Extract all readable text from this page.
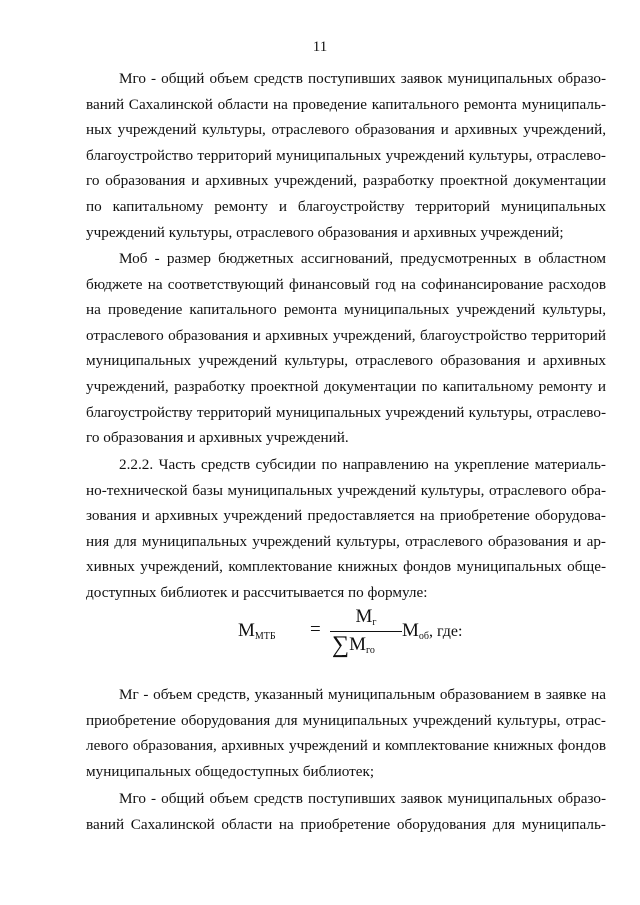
11

Мго - общий объем средств поступивших заявок муниципальных образо-
ваний Сахалинской области на проведение капитального ремонта муниципаль-
ных учреждений культуры, отраслевого образования и архивных учреждений,
благоустройство территорий муниципальных учреждений культуры, отраслево-
го образования и архивных учреждений, разработку проектной документации
по капитальному ремонту и благоустройству территорий муниципальных
учреждений культуры, отраслевого образования и архивных учреждений;

Моб - размер бюджетных ассигнований, предусмотренных в областном
бюджете на соответствующий финансовый год на софинансирование расходов
на проведение капитального ремонта муниципальных учреждений культуры,
отраслевого образования и архивных учреждений, благоустройство территорий
муниципальных учреждений культуры, отраслевого образования и архивных
учреждений, разработку проектной документации по капитальному ремонту и
благоустройству территорий муниципальных учреждений культуры, отраслево-
го образования и архивных учреждений.

2.2.2. Часть средств субсидии по направлению на укрепление материаль-
но-технической базы муниципальных учреждений культуры, отраслевого обра-
зования и архивных учреждений предоставляется на приобретение оборудова-
ния для муниципальных учреждений культуры, отраслевого образования и ар-
хивных учреждений, комплектование книжных фондов муниципальных обще-
доступных библиотек и рассчитывается по формуле:

$М_{МТБ}$ =
$М_г$
$\sum М_{го}$
$М_{об}$, где:

Мг - объем средств, указанный муниципальным образованием в заявке на
приобретение оборудования для муниципальных учреждений культуры, отрас-
левого образования, архивных учреждений и комплектование книжных фондов
муниципальных общедоступных библиотек;

Мго - общий объем средств поступивших заявок муниципальных образо-
ваний Сахалинской области на приобретение оборудования для муниципаль-
